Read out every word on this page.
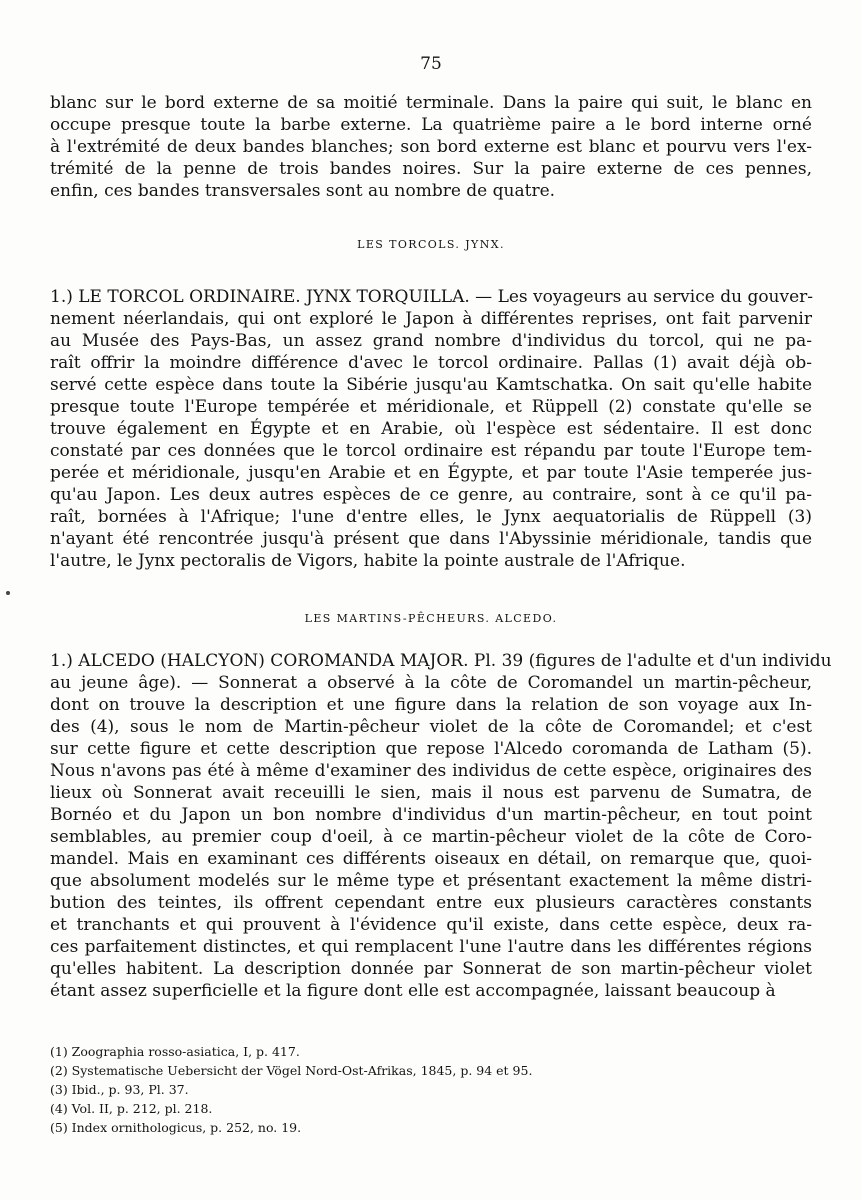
75

blanc sur le bord externe de sa moitié terminale. Dans la paire qui suit, le blanc en
occupe presque toute la barbe externe. La quatrième paire a le bord interne orné
à l'extrémité de deux bandes blanches; son bord externe est blanc et pourvu vers l'ex-
trémité de la penne de trois bandes noires. Sur la paire externe de ces pennes,
enfin, ces bandes transversales sont au nombre de quatre.

LES TORCOLS. JYNX.

1.) LE TORCOL ORDINAIRE. JYNX TORQUILLA. — Les voyageurs au service du gouver-
nement néerlandais, qui ont exploré le Japon à différentes reprises, ont fait parvenir
au Musée des Pays-Bas, un assez grand nombre d'individus du torcol, qui ne pa-
raît offrir la moindre différence d'avec le torcol ordinaire. Pallas (1) avait déjà ob-
servé cette espèce dans toute la Sibérie jusqu'au Kamtschatka. On sait qu'elle habite
presque toute l'Europe tempérée et méridionale, et Rüppell (2) constate qu'elle se
trouve également en Égypte et en Arabie, où l'espèce est sédentaire. Il est donc
constaté par ces données que le torcol ordinaire est répandu par toute l'Europe tem-
perée et méridionale, jusqu'en Arabie et en Égypte, et par toute l'Asie temperée jus-
qu'au Japon. Les deux autres espèces de ce genre, au contraire, sont à ce qu'il pa-
raît, bornées à l'Afrique; l'une d'entre elles, le Jynx aequatorialis de Rüppell (3)
n'ayant été rencontrée jusqu'à présent que dans l'Abyssinie méridionale, tandis que
l'autre, le Jynx pectoralis de Vigors, habite la pointe australe de l'Afrique.

LES MARTINS-PÊCHEURS. ALCEDO.

1.) ALCEDO (HALCYON) COROMANDA MAJOR. Pl. 39 (figures de l'adulte et d'un individu
au jeune âge). — Sonnerat a observé à la côte de Coromandel un martin-pêcheur,
dont on trouve la description et une figure dans la relation de son voyage aux In-
des (4), sous le nom de Martin-pêcheur violet de la côte de Coromandel; et c'est
sur cette figure et cette description que repose l'Alcedo coromanda de Latham (5).
Nous n'avons pas été à même d'examiner des individus de cette espèce, originaires des
lieux où Sonnerat avait receuilli le sien, mais il nous est parvenu de Sumatra, de
Bornéo et du Japon un bon nombre d'individus d'un martin-pêcheur, en tout point
semblables, au premier coup d'oeil, à ce martin-pêcheur violet de la côte de Coro-
mandel. Mais en examinant ces différents oiseaux en détail, on remarque que, quoi-
que absolument modelés sur le même type et présentant exactement la même distri-
bution des teintes, ils offrent cependant entre eux plusieurs caractères constants
et tranchants et qui prouvent à l'évidence qu'il existe, dans cette espèce, deux ra-
ces parfaitement distinctes, et qui remplacent l'une l'autre dans les différentes régions
qu'elles habitent. La description donnée par Sonnerat de son martin-pêcheur violet
étant assez superficielle et la figure dont elle est accompagnée, laissant beaucoup à

(1) Zoographia rosso-asiatica, I, p. 417.
(2) Systematische Uebersicht der Vögel Nord-Ost-Afrikas, 1845, p. 94 et 95.
(3) Ibid., p. 93, Pl. 37.
(4) Vol. II, p. 212, pl. 218.
(5) Index ornithologicus, p. 252, no. 19.
